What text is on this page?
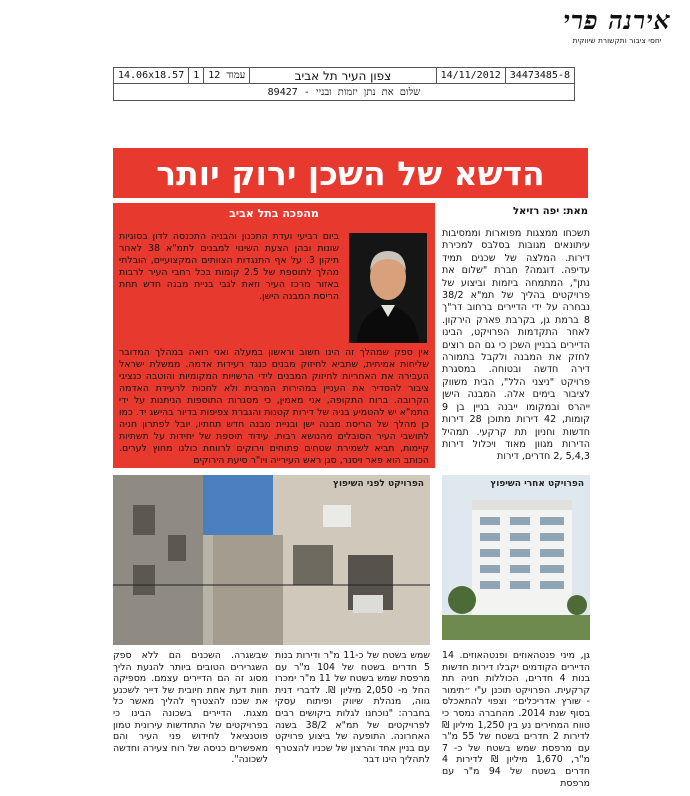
אירנה פרי
יחסי ציבור ותקשורת שיווקית
34473485-8
14/11/2012
צפון העיר תל אביב
עמוד 12
1
14.06x18.57
שלום את נתן יזמות ובניי - 89427
הדשא של השכן ירוק יותר
מאת: יפה רזיאל
תשכחו ממצגות מפוארות וממסיבות עיתונאים מגובות בסלבס למכירת דירות. המלצה של שכנים תמיד עדיפה. דוגמה? חברת "שלום את נתן", המתמחה ביזמות וביצוע של פרויקטים בהליך של תמ"א 38/2 נבחרה על ידי הדיירים ברחוב דר"ך 8 ברמת גן, בקרבת פארק הירקון. לאחר התקדמות הפרויקט, הבינו הדיירים בבניין השכן כי גם הם רוצים לחזק את המבנה ולקבל בתמורה דירה חדשה ובטוחה. במסגרת פרויקט "ניצני הלל", הבית משווק לציבור בימים אלה. המבנה הישן ייהרס ובמקומו ייבנה בניין בן 9 קומות, 42 דירות מתוכן 28 דירות חדשות וחניון תת קרקעי. תמהיל הדירות מגוון מאוד ויכלול דירות 5,4,3 ,2 חדרים, דירות
מהפכה בתל אביב
ביום רביעי ועדת התכנון והבניה התכנסה לדון בסוגיות שונות ובהן הצעת השינוי למבנים לתמ"א 38 לאחר תיקון 3. על אף התנגדות הצוותים המקצועיים, הובלתי מהלך לתוספת של 2.5 קומות בכל רחבי העיר לרבות באזור מרכז העיר וזאת לגבי בניית מבנה חדש תחת הריסת המבנה הישן.
אין ספק שמהלך זה הינו חשוב וראשון במעלה ואני רואה במהלך המדובר שליחות אמיתית, שתביא לחיזוק מבנים כנגד רעידות אדמה. ממשלת ישראל העבירה את האחריות לחיזוק המבנים לידי הרשויות המקומיות והוטבה כנציגי ציבור להסדיר את העניין במהירות המרבית ולא לחכות לרעידת האדמה הקרובה. ברוח התקופה, אני מאמין, כי מסגרות התוספות הניתנות על ידי התמ"א יש להטמיע בניה של דירות קטנות והגברת צפיפות בדיור בהישג יד. כמו כן מהלך של הריסת מבנה ישן ובניית מבנה חדש תחתיו, יובל לפתרון חניה לתושבי העיר הסובלים מהנושא רבות. עידוד תוספת של יחידות על תשתיות קיימות, תביא לשמירת שטחים פתוחים וירוקים לרווחת כולנו מחוץ לערים. הכותב הוא פאר ויסנר, סגן ראש העירייה ויו"ר סיעת הירוקים
הפרויקט לפני השיפוץ	הפרויקט אחרי השיפוץ
גן, מיני פנטהאוזים ופנטהאוזים. 14 הדיירים הקודמים יקבלו דירות חדשות בנות 4 חדרים, הכוללות חניה תת קרקעית. הפרויקט תוכנן ע"י ״תימור - שורץ אדריכלים״ וצפוי להתאכלס בסוף שנת 2014. מהחברה נמסר כי טווח המחירים נע בין 1,250 מיליון ₪ לדירות 2 חדרים בשטח של 55 מ"ר עם מרפסת שמש בשטח של כ- 7 מ"ר, 1,670 מיליון ₪ לדירות 4 חדרים בשטח של 94 מ"ר עם מרפסת
שמש בשטח של כ-11 מ"ר ודירות בנות 5 חדרים בשטח של 104 מ"ר עם מרפסת שמש בשטח של 11 מ"ר ימכרו החל מ- 2,050 מיליון ₪. לדברי דנית גווה, מנהלת שיווק ופיתוח עסקי בחברה: "נוכחנו לגלות ביקושים רבים לפרויקטים של תמ"א 38/2 בשנה האחרונה. התופעה של ביצוע פרויקט עם בניין אחד והרצון של שכניו להצטרף לתהליך הינו דבר
שבשגרה. השכנים הם ללא ספק השגרירים הטובים ביותר להנעת הליך מסוג זה הם הדיירים עצמם. מספיקה חוות דעת אחת חיובית של דייר לשכנע את שכנו להצטרף להליך מאשר כל מצגת. הדיירים בשכונה הבינו כי בפרויקטים של התחדשות עירונית טמון פוטנציאל לחידוש פני העיר והם מאפשרים כניסה של רוח צעירה וחדשה לשכונה".
